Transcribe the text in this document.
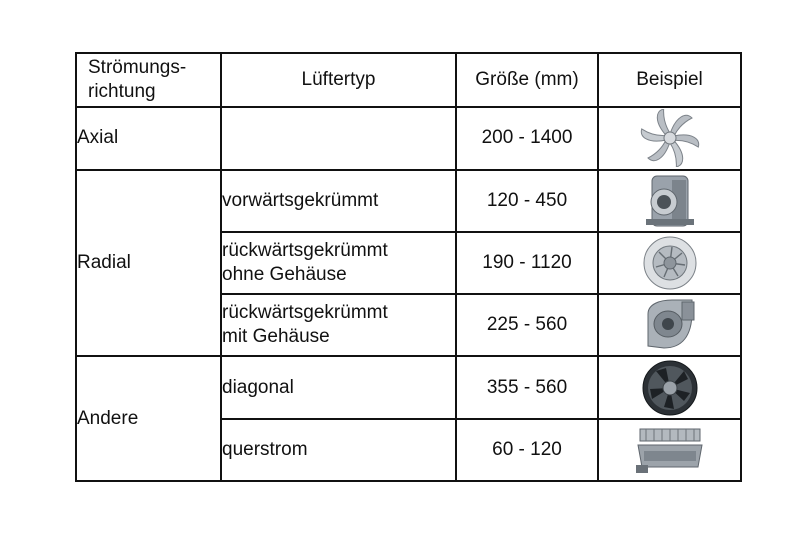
Strömungs-
richtung	Lüftertyp	Größe (mm)	Beispiel
Axial		200 - 1400	

Radial	vorwärtsgekrümmt	120 - 450	

	rückwärtsgekrümmt
ohne Gehäuse	190 - 1120	

	rückwärtsgekrümmt
mit Gehäuse	225 - 560	

Andere	diagonal	355 - 560	

	querstrom	60 - 120	
